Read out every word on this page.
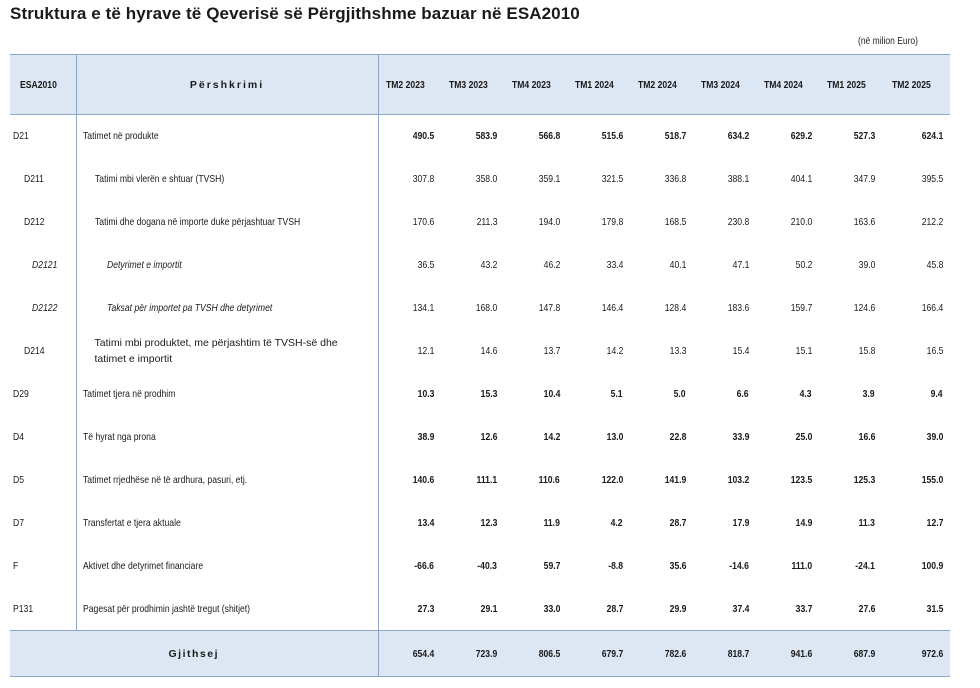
Struktura e të hyrave të Qeverisë së Përgjithshme bazuar në ESA2010
(në milion Euro)
ESA2010	Përshkrimi	TM2 2023	TM3 2023	TM4 2023	TM1 2024	TM2 2024	TM3 2024	TM4 2024	TM1 2025	TM2 2025
D21	Tatimet në produkte	490.5	583.9	566.8	515.6	518.7	634.2	629.2	527.3	624.1
D211	Tatimi mbi vlerën e shtuar (TVSH)	307.8	358.0	359.1	321.5	336.8	388.1	404.1	347.9	395.5
D212	Tatimi dhe dogana në importe duke përjashtuar TVSH	170.6	211.3	194.0	179.8	168.5	230.8	210.0	163.6	212.2
D2121	Detyrimet e importit	36.5	43.2	46.2	33.4	40.1	47.1	50.2	39.0	45.8
D2122	Taksat për importet pa TVSH dhe detyrimet	134.1	168.0	147.8	146.4	128.4	183.6	159.7	124.6	166.4
D214	Tatimi mbi produktet, me përjashtim të TVSH-së dhe tatimet e importit	12.1	14.6	13.7	14.2	13.3	15.4	15.1	15.8	16.5
D29	Tatimet tjera në prodhim	10.3	15.3	10.4	5.1	5.0	6.6	4.3	3.9	9.4
D4	Të hyrat nga prona	38.9	12.6	14.2	13.0	22.8	33.9	25.0	16.6	39.0
D5	Tatimet rrjedhëse në të ardhura, pasuri, etj.	140.6	111.1	110.6	122.0	141.9	103.2	123.5	125.3	155.0
D7	Transfertat e tjera aktuale	13.4	12.3	11.9	4.2	28.7	17.9	14.9	11.3	12.7
F	Aktivet dhe detyrimet financiare	-66.6	-40.3	59.7	-8.8	35.6	-14.6	111.0	-24.1	100.9
P131	Pagesat për prodhimin jashtë tregut (shitjet)	27.3	29.1	33.0	28.7	29.9	37.4	33.7	27.6	31.5
Gjithsej		654.4	723.9	806.5	679.7	782.6	818.7	941.6	687.9	972.6
